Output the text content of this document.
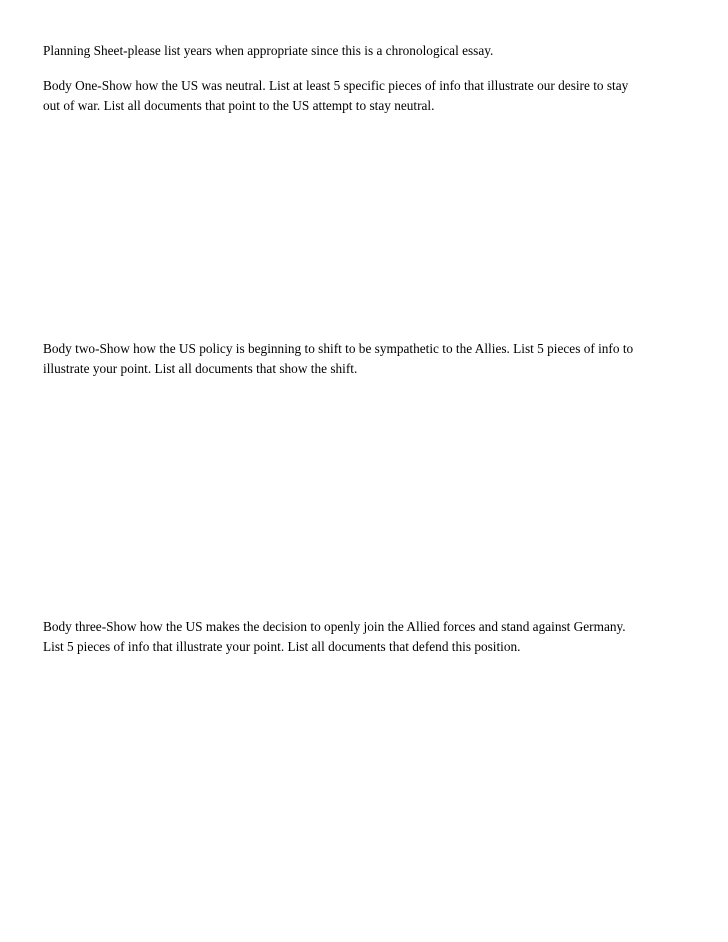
Planning Sheet-please list years when appropriate since this is a chronological essay.

Body One-Show how the US was neutral. List at least 5 specific pieces of info that illustrate our desire to stay
out of war. List all documents that point to the US attempt to stay neutral.

Body two-Show how the US policy is beginning to shift to be sympathetic to the Allies. List 5 pieces of info to
illustrate your point. List all documents that show the shift.

Body three-Show how the US makes the decision to openly join the Allied forces and stand against Germany.
List 5 pieces of info that illustrate your point. List all documents that defend this position.
